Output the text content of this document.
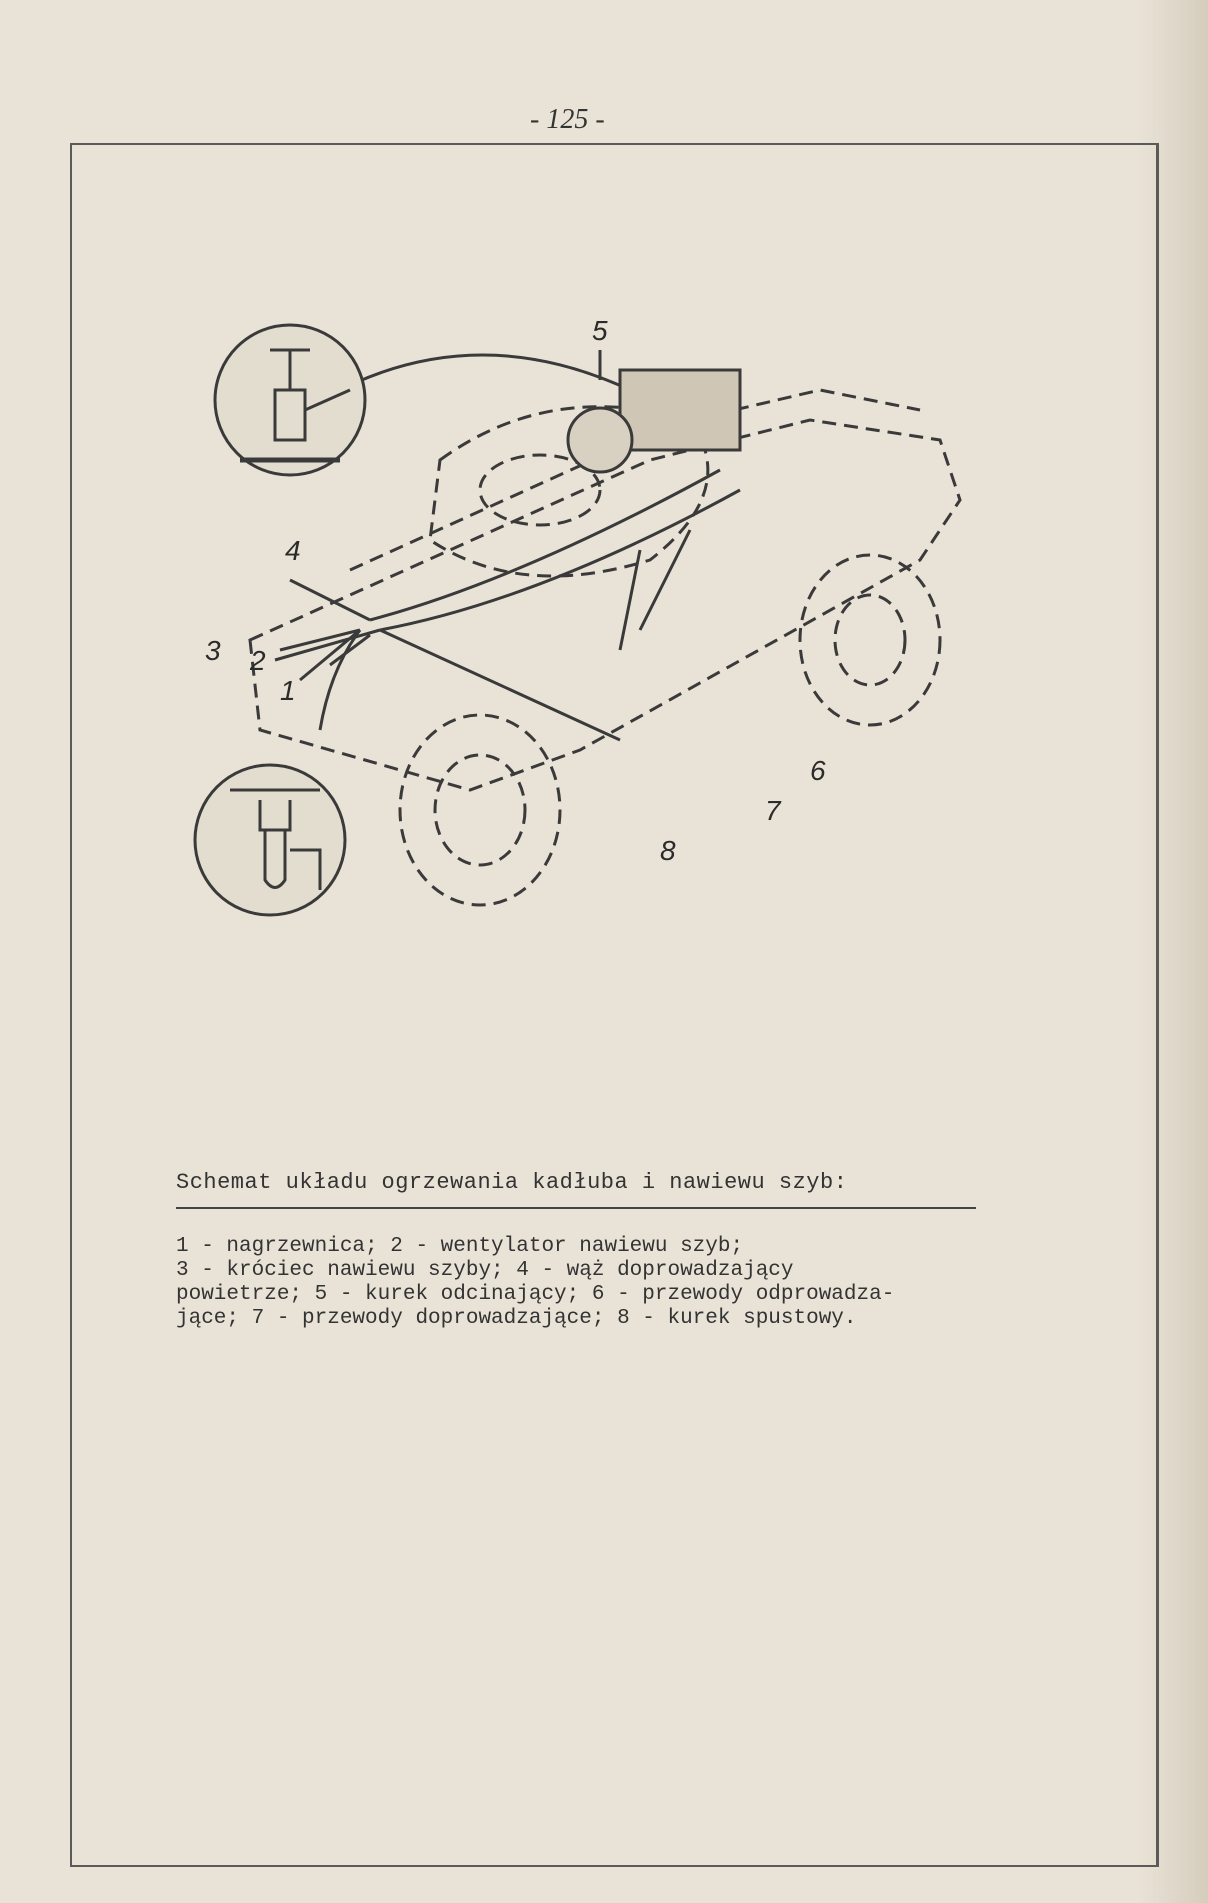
- 125 -
1
2
3
4
5
6
7
8
Schemat układu ogrzewania kadłuba i nawiewu szyb:
1 - nagrzewnica; 2 - wentylator nawiewu szyb;
3 - króciec nawiewu szyby; 4 - wąż doprowadzający
powietrze; 5 - kurek odcinający; 6 - przewody odprowadza-
jące; 7 - przewody doprowadzające; 8 - kurek spustowy.
